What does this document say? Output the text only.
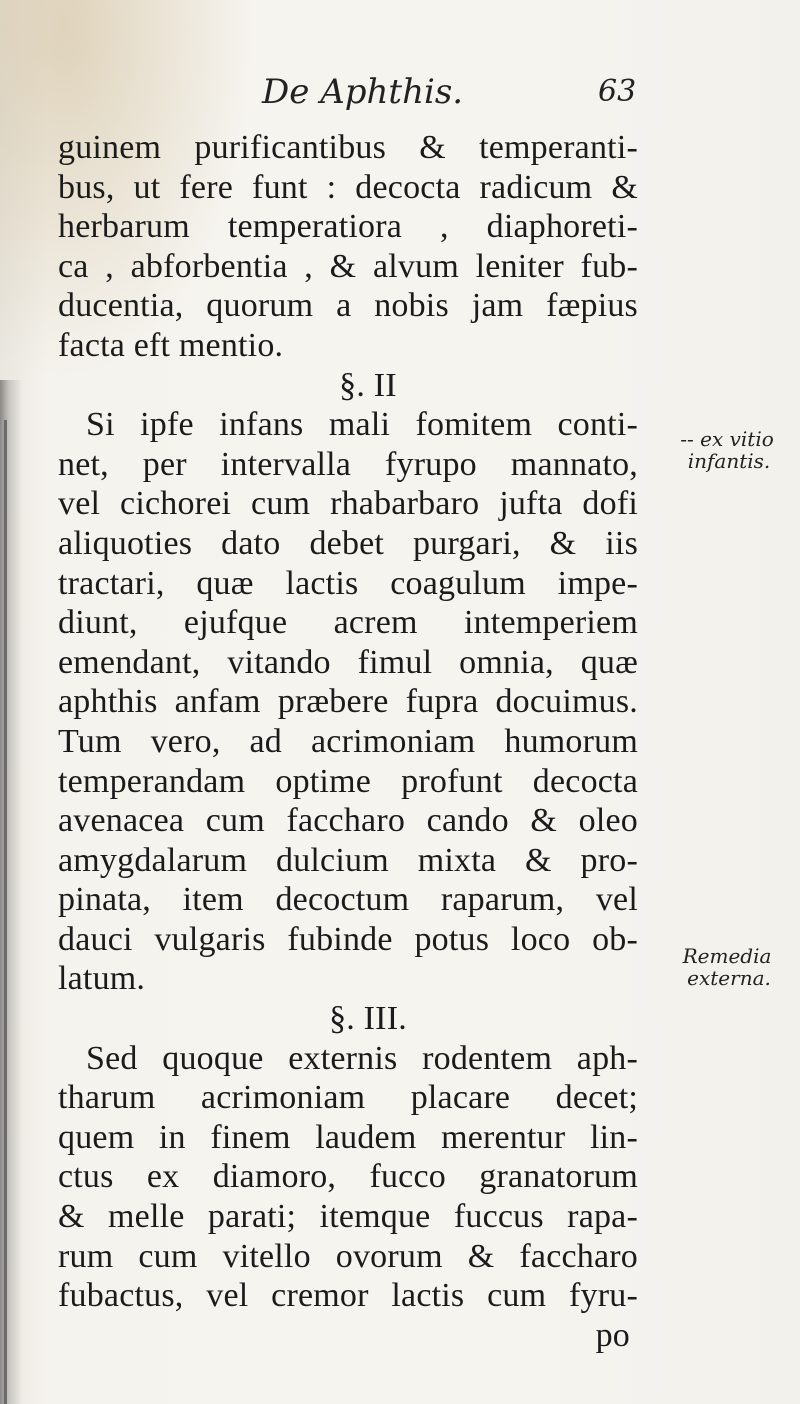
De Aphthis.	63
guinem purificantibus & temperanti-
bus, ut fere funt : decocta radicum &
herbarum temperatiora , diaphoreti-
ca , abforbentia , & alvum leniter fub-
ducentia, quorum a nobis jam fæpius
facta eft mentio.
§. II
Si ipfe infans mali fomitem conti-
net, per intervalla fyrupo mannato,
vel cichorei cum rhabarbaro jufta dofi
aliquoties dato debet purgari, & iis
tractari, quæ lactis coagulum impe-
diunt, ejufque acrem intemperiem
emendant, vitando fimul omnia, quæ
aphthis anfam præbere fupra docuimus.
Tum vero, ad acrimoniam humorum
temperandam optime profunt decocta
avenacea cum faccharo cando & oleo
amygdalarum dulcium mixta & pro-
pinata, item decoctum raparum, vel
dauci vulgaris fubinde potus loco ob-
latum.
§. III.
Sed quoque externis rodentem aph-
tharum acrimoniam placare decet;
quem in finem laudem merentur lin-
ctus ex diamoro, fucco granatorum
& melle parati; itemque fuccus rapa-
rum cum vitello ovorum & faccharo
fubactus, vel cremor lactis cum fyru-
po
-- ex vitio
infantis.
Remedia
externa.
